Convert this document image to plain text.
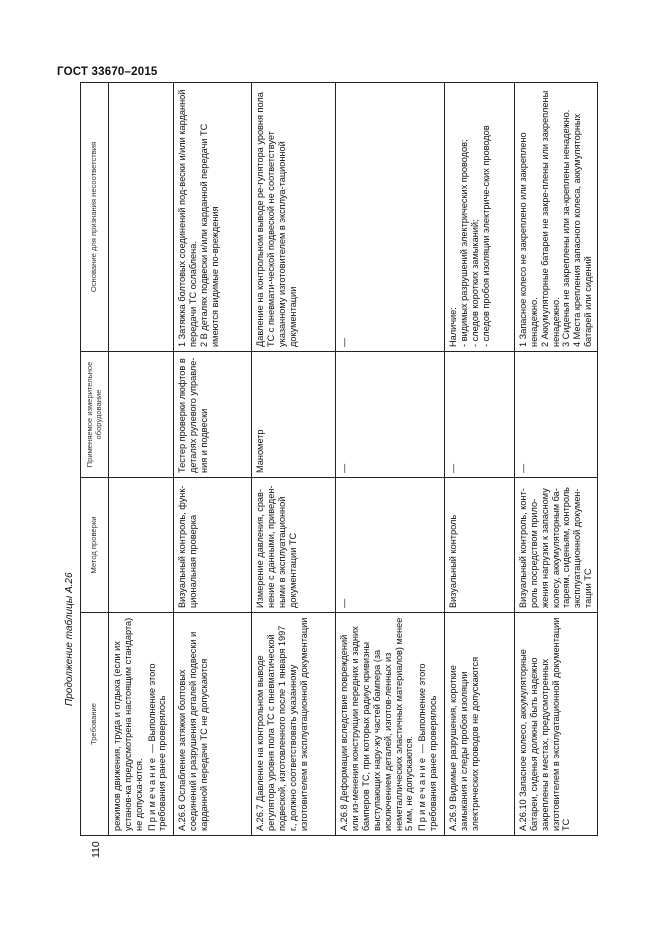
ГОСТ 33670–2015
Продолжение таблицы А.26
110
Требование	Метод проверки	Применяемое измерительное оборудование	Основание для признания несоответствия

режимов движения, труда и отдыха (если их установ-ка предусмотрена настоящим стандарта) не допуска-ются. Примечание — Выполнение этого требования ранее проверялось			

А.26.6 Ослабление затяжки болтовых соединений и разрушения деталей подвески и карданной передачи ТС не допускаются	Визуальный контроль, функ-циональная проверка	Тестер проверки люфтов в деталях рулевого управле-ния и подвески	1 Затяжка болтовых соединений под-вески и/или карданной передачи ТС ослаблена.
2 В деталях подвески и/или карданной передачи ТС имеются видимые по-вреждения

А.26.7 Давление на контрольном выводе регулятора уровня пола ТС с пневматической подвеской, изготовленного после 1 января 1997 г., должно соответствовать указанному изготовителем в эксплуатационной документации	Измерение давления, срав-нение с данными, приведен-ными в эксплуатационной документации ТС	Манометр	Давление на контрольном выводе ре-гулятора уровня пола ТС с пневмати-ческой подвеской не соответствует указанному изготовителем в эксплуа-тационной документации

А.26.8 Деформации вследствие повреждений или из-менения конструкции передних и задних бамперов ТС, при которых радиус кривизны выступающих нару-жу частей бампера (за исключением деталей, изготов-ленных из неметаллических эластичных материалов) менее 5 мм, не допускаются. Примечание — Выполнение этого требования ранее проверялось	—	—	—
А.26.9 Видимые разрушения, короткие замыкания и следы пробоя изоляции электрических проводов не допускаются	Визуальный контроль	—	Наличие:
- видимых разрушений электрических проводов;
- следов коротких замыканий;
- следов пробоя изоляции электриче-ских проводов

А.26.10 Запасное колесо, аккумуляторные батареи, сиденья должны быть надежно закреплены в местах, предусмотренных изготовителем в эксплуатационной документации ТС	Визуальный контроль, конт-роль посредством прило-жения нагрузки к запасному колесу, аккумуляторным ба-тареям, сиденьям, контроль эксплуатационной докумен-тации ТС	—	1 Запасное колесо не закреплено или закреплено ненадежно.
2 Аккумуляторные батареи не закре-плены или закреплены ненадежно.
3 Сиденья не закреплены или за-креплены ненадежно.
4 Места крепления запасного колеса, аккумуляторных батарей или сидений
